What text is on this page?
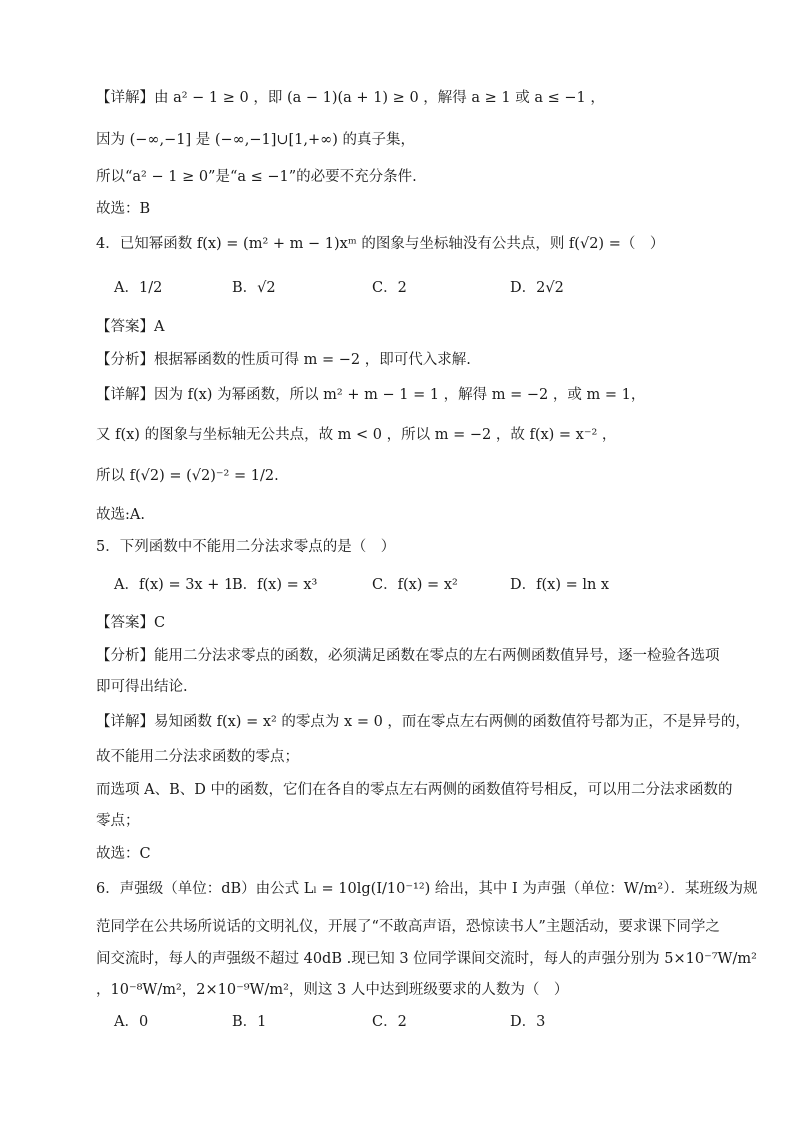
【详解】由 a² − 1 ≥ 0 ，即 (a − 1)(a + 1) ≥ 0 ，解得 a ≥ 1 或 a ≤ −1 ，
因为 (−∞,−1] 是 (−∞,−1]∪[1,+∞) 的真子集，
所以“a² − 1 ≥ 0”是“a ≤ −1”的必要不充分条件.
故选：B
4．已知幂函数 f(x) = (m² + m − 1)xᵐ 的图象与坐标轴没有公共点，则 f(√2) =（　）
A．1/2	B．√2	C．2	D．2√2
【答案】A
【分析】根据幂函数的性质可得 m = −2 ，即可代入求解.
【详解】因为 f(x) 为幂函数，所以 m² + m − 1 = 1 ，解得 m = −2 ，或 m = 1，
又 f(x) 的图象与坐标轴无公共点，故 m < 0 ，所以 m = −2 ，故 f(x) = x⁻² ，
所以 f(√2) = (√2)⁻² = 1/2.
故选:A.
5．下列函数中不能用二分法求零点的是（　）
A．f(x) = 3x + 1
B．f(x) = x³	C．f(x) = x²	D．f(x) = ln x
【答案】C
【分析】能用二分法求零点的函数，必须满足函数在零点的左右两侧函数值异号，逐一检验各选项
即可得出结论.
【详解】易知函数 f(x) = x² 的零点为 x = 0 ，而在零点左右两侧的函数值符号都为正，不是异号的，
故不能用二分法求函数的零点；
而选项 A、B、D 中的函数，它们在各自的零点左右两侧的函数值符号相反，可以用二分法求函数的
零点；
故选：C
6．声强级（单位：dB）由公式 Lₗ = 10lg(I/10⁻¹²) 给出，其中 I 为声强（单位：W/m²）．某班级为规
范同学在公共场所说话的文明礼仪，开展了“不敢高声语，恐惊读书人”主题活动，要求课下同学之
间交流时，每人的声强级不超过 40dB .现已知 3 位同学课间交流时，每人的声强分别为 5×10⁻⁷W/m²
，10⁻⁸W/m²，2×10⁻⁹W/m²，则这 3 人中达到班级要求的人数为（　）
A．0	B．1	C．2	D．3
